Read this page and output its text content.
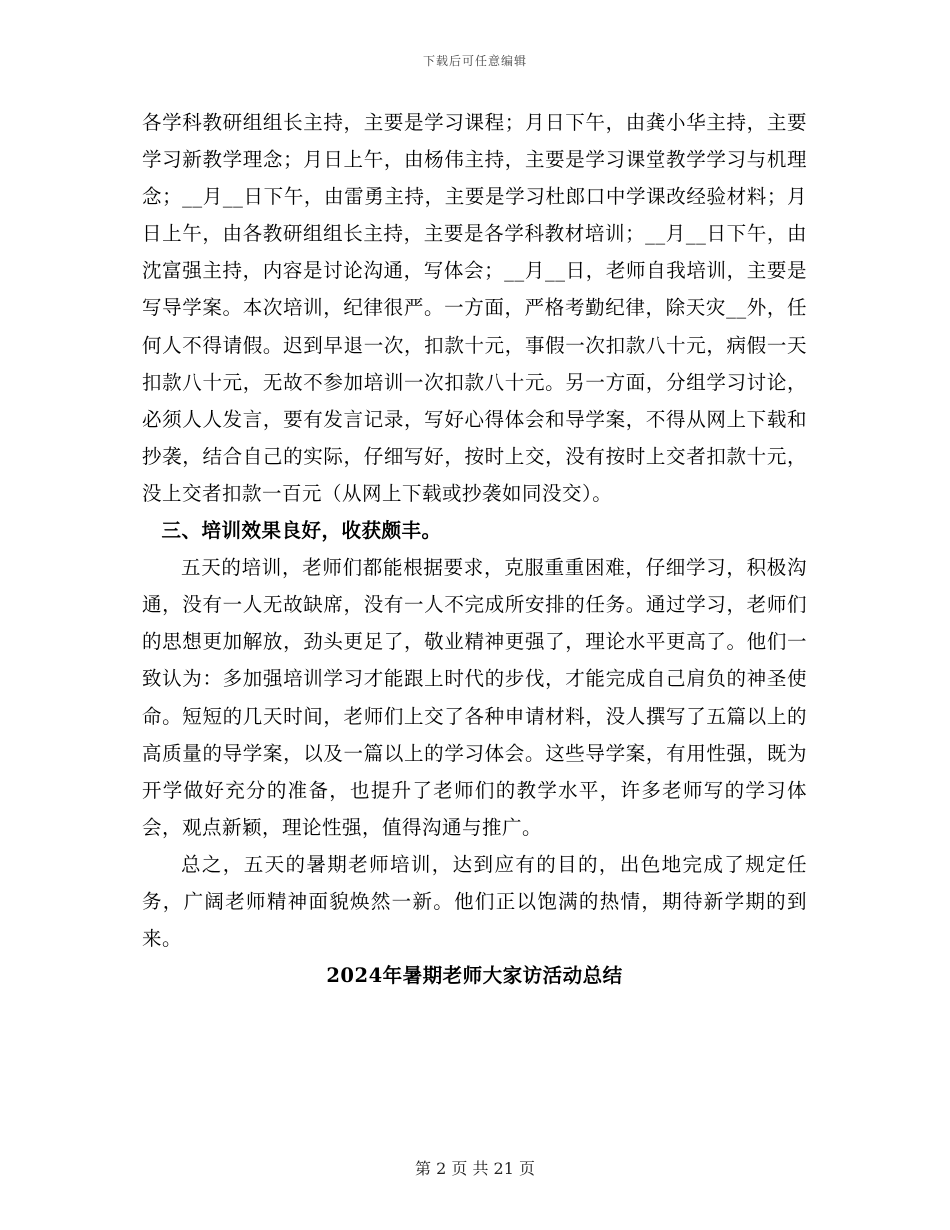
下载后可任意编辑

各学科教研组组长主持，主要是学习课程；月日下午，由龚小华主持，主要学习新教学理念；月日上午，由杨伟主持，主要是学习课堂教学学习与机理念；__月__日下午，由雷勇主持，主要是学习杜郎口中学课改经验材料；月日上午，由各教研组组长主持，主要是各学科教材培训；__月__日下午，由沈富强主持，内容是讨论沟通，写体会；__月__日，老师自我培训，主要是写导学案。本次培训，纪律很严。一方面，严格考勤纪律，除天灾__外，任何人不得请假。迟到早退一次，扣款十元，事假一次扣款八十元，病假一天扣款八十元，无故不参加培训一次扣款八十元。另一方面，分组学习讨论，必须人人发言，要有发言记录，写好心得体会和导学案，不得从网上下载和抄袭，结合自己的实际，仔细写好，按时上交，没有按时上交者扣款十元，没上交者扣款一百元（从网上下载或抄袭如同没交）。

三、培训效果良好，收获颇丰。

五天的培训，老师们都能根据要求，克服重重困难，仔细学习，积极沟通，没有一人无故缺席，没有一人不完成所安排的任务。通过学习，老师们的思想更加解放，劲头更足了，敬业精神更强了，理论水平更高了。他们一致认为：多加强培训学习才能跟上时代的步伐，才能完成自己肩负的神圣使命。短短的几天时间，老师们上交了各种申请材料，没人撰写了五篇以上的高质量的导学案，以及一篇以上的学习体会。这些导学案，有用性强，既为开学做好充分的准备，也提升了老师们的教学水平，许多老师写的学习体会，观点新颖，理论性强，值得沟通与推广。

总之，五天的暑期老师培训，达到应有的目的，出色地完成了规定任务，广阔老师精神面貌焕然一新。他们正以饱满的热情，期待新学期的到来。

2024年暑期老师大家访活动总结
第 2 页 共 21 页
